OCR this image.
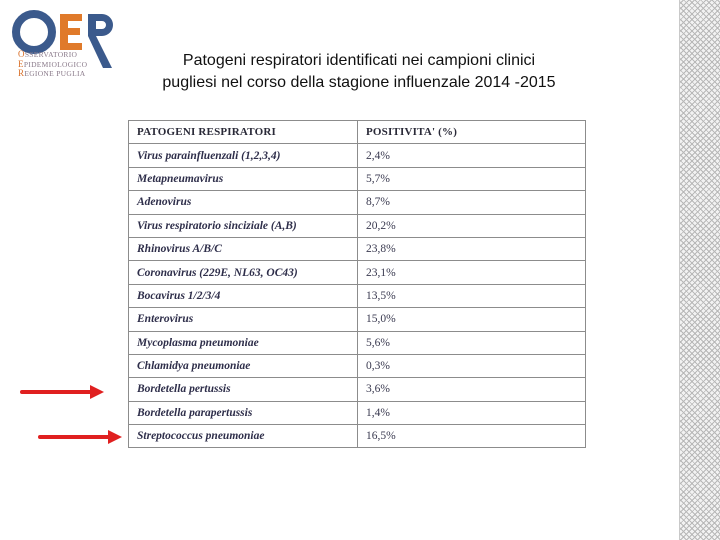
OSSERVATORIO
EPIDEMIOLOGICO
REGIONE PUGLIA
Patogeni respiratori identificati nei campioni clinici
pugliesi nel corso della stagione influenzale 2014 -2015
PATOGENI RESPIRATORI	POSITIVITA' (%)
Virus parainfluenzali (1,2,3,4)	2,4%
Metapneumavirus	5,7%
Adenovirus	8,7%
Virus respiratorio sinciziale (A,B)	20,2%
Rhinovirus A/B/C	23,8%
Coronavirus (229E, NL63, OC43)	23,1%
Bocavirus 1/2/3/4	13,5%
Enterovirus	15,0%
Mycoplasma pneumoniae	5,6%
Chlamidya pneumoniae	0,3%
Bordetella pertussis	3,6%
Bordetella parapertussis	1,4%
Streptococcus pneumoniae	16,5%
